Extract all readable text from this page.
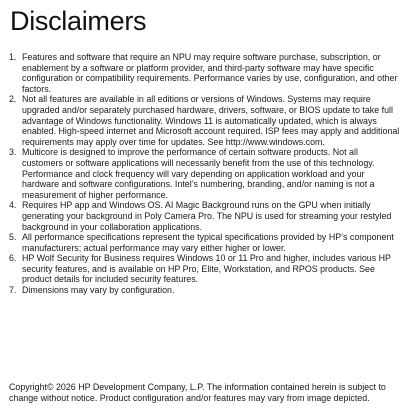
Disclaimers
1. Features and software that require an NPU may require software purchase, subscription, or enablement by a software or platform provider, and third-party software may have specific configuration or compatibility requirements. Performance varies by use, configuration, and other factors.
2. Not all features are available in all editions or versions of Windows. Systems may require upgraded and/or separately purchased hardware, drivers, software, or BIOS update to take full advantage of Windows functionality. Windows 11 is automatically updated, which is always enabled. High-speed internet and Microsoft account required. ISP fees may apply and additional requirements may apply over time for updates. See http://www.windows.com.
3. Multicore is designed to improve the performance of certain software products. Not all customers or software applications will necessarily benefit from the use of this technology. Performance and clock frequency will vary depending on application workload and your hardware and software configurations. Intel’s numbering, branding, and/or naming is not a measurement of higher performance.
4. Requires HP app and Windows OS. AI Magic Background runs on the GPU when initially generating your background in Poly Camera Pro. The NPU is used for streaming your restyled background in your collaboration applications.
5. All performance specifications represent the typical specifications provided by HP’s component manufacturers; actual performance may vary either higher or lower.
6. HP Wolf Security for Business requires Windows 10 or 11 Pro and higher, includes various HP security features, and is available on HP Pro, Elite, Workstation, and RPOS products. See product details for included security features.
7. Dimensions may vary by configuration.

Copyright© 2026 HP Development Company, L.P. The information contained herein is subject to change without notice. Product configuration and/or features may vary from image depicted.
